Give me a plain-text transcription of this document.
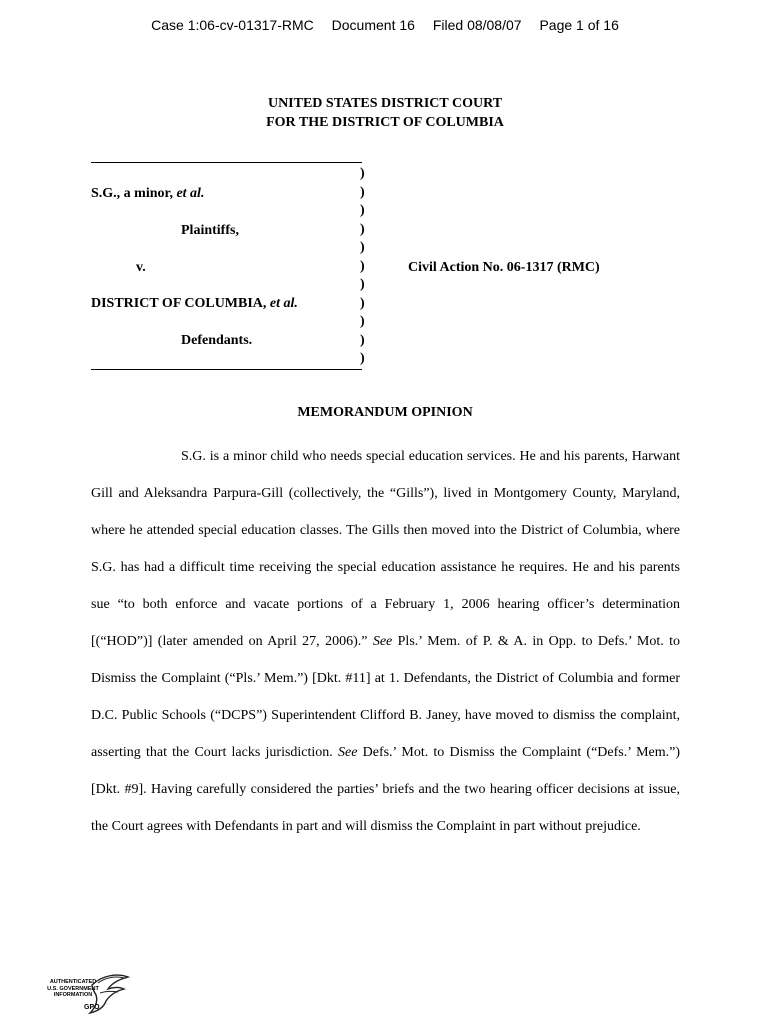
Case 1:06-cv-01317-RMC Document 16 Filed 08/08/07 Page 1 of 16
UNITED STATES DISTRICT COURT
FOR THE DISTRICT OF COLUMBIA
)
)
)
)
)
)
)
)
)
)
)
S.G., a minor, et al.
Plaintiffs,
v.	Civil Action No. 06-1317 (RMC)
DISTRICT OF COLUMBIA, et al.
Defendants.
MEMORANDUM OPINION

S.G. is a minor child who needs special education services. He and his parents, Harwant Gill and Aleksandra Parpura-Gill (collectively, the “Gills”), lived in Montgomery County, Maryland, where he attended special education classes. The Gills then moved into the District of Columbia, where S.G. has had a difficult time receiving the special education assistance he requires. He and his parents sue “to both enforce and vacate portions of a February 1, 2006 hearing officer’s determination [(“HOD”)] (later amended on April 27, 2006).” See Pls.’ Mem. of P. & A. in Opp. to Defs.’ Mot. to Dismiss the Complaint (“Pls.’ Mem.”) [Dkt. #11] at 1. Defendants, the District of Columbia and former D.C. Public Schools (“DCPS”) Superintendent Clifford B. Janey, have moved to dismiss the complaint, asserting that the Court lacks jurisdiction. See Defs.’ Mot. to Dismiss the Complaint (“Defs.’ Mem.”) [Dkt. #9]. Having carefully considered the parties’ briefs and the two hearing officer decisions at issue, the Court agrees with Defendants in part and will dismiss the Complaint in part without prejudice.

AUTHENTICATED
U.S. GOVERNMENT
INFORMATION
GPO
